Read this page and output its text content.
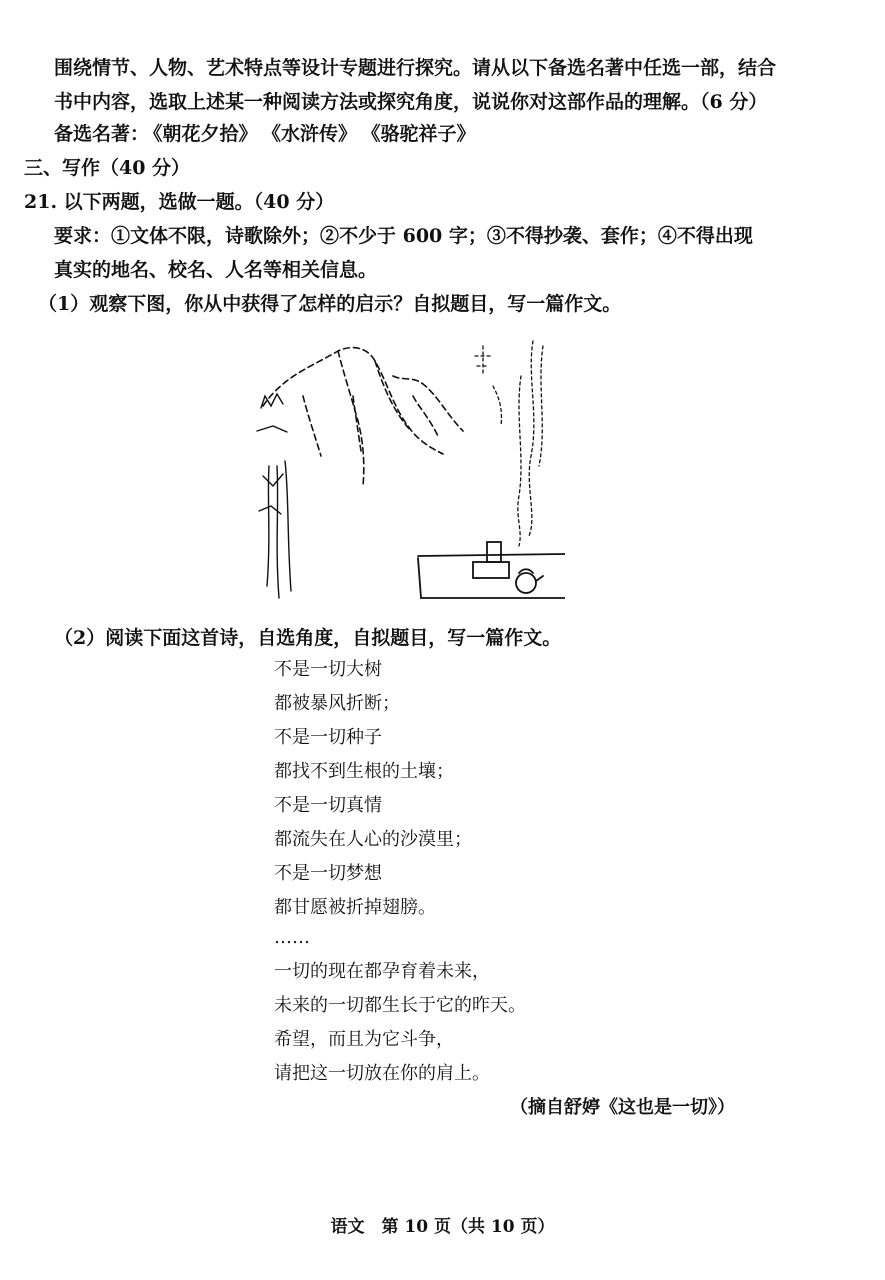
围绕情节、人物、艺术特点等设计专题进行探究。请从以下备选名著中任选一部，结合
书中内容，选取上述某一种阅读方法或探究角度，说说你对这部作品的理解。（6 分）
备选名著： 《朝花夕拾》 《水浒传》 《骆驼祥子》
三、写作（40 分）
21. 以下两题，选做一题。（40 分）
要求：①文体不限，诗歌除外；②不少于 600 字；③不得抄袭、套作；④不得出现
真实的地名、校名、人名等相关信息。
（1）观察下图，你从中获得了怎样的启示？自拟题目，写一篇作文。
（2）阅读下面这首诗，自选角度，自拟题目，写一篇作文。
不是一切大树
都被暴风折断；
不是一切种子
都找不到生根的土壤；
不是一切真情
都流失在人心的沙漠里；
不是一切梦想
都甘愿被折掉翅膀。
……
一切的现在都孕育着未来，
未来的一切都生长于它的昨天。
希望，而且为它斗争，
请把这一切放在你的肩上。
（摘自舒婷《这也是一切》）
语文　第 10 页（共 10 页）
